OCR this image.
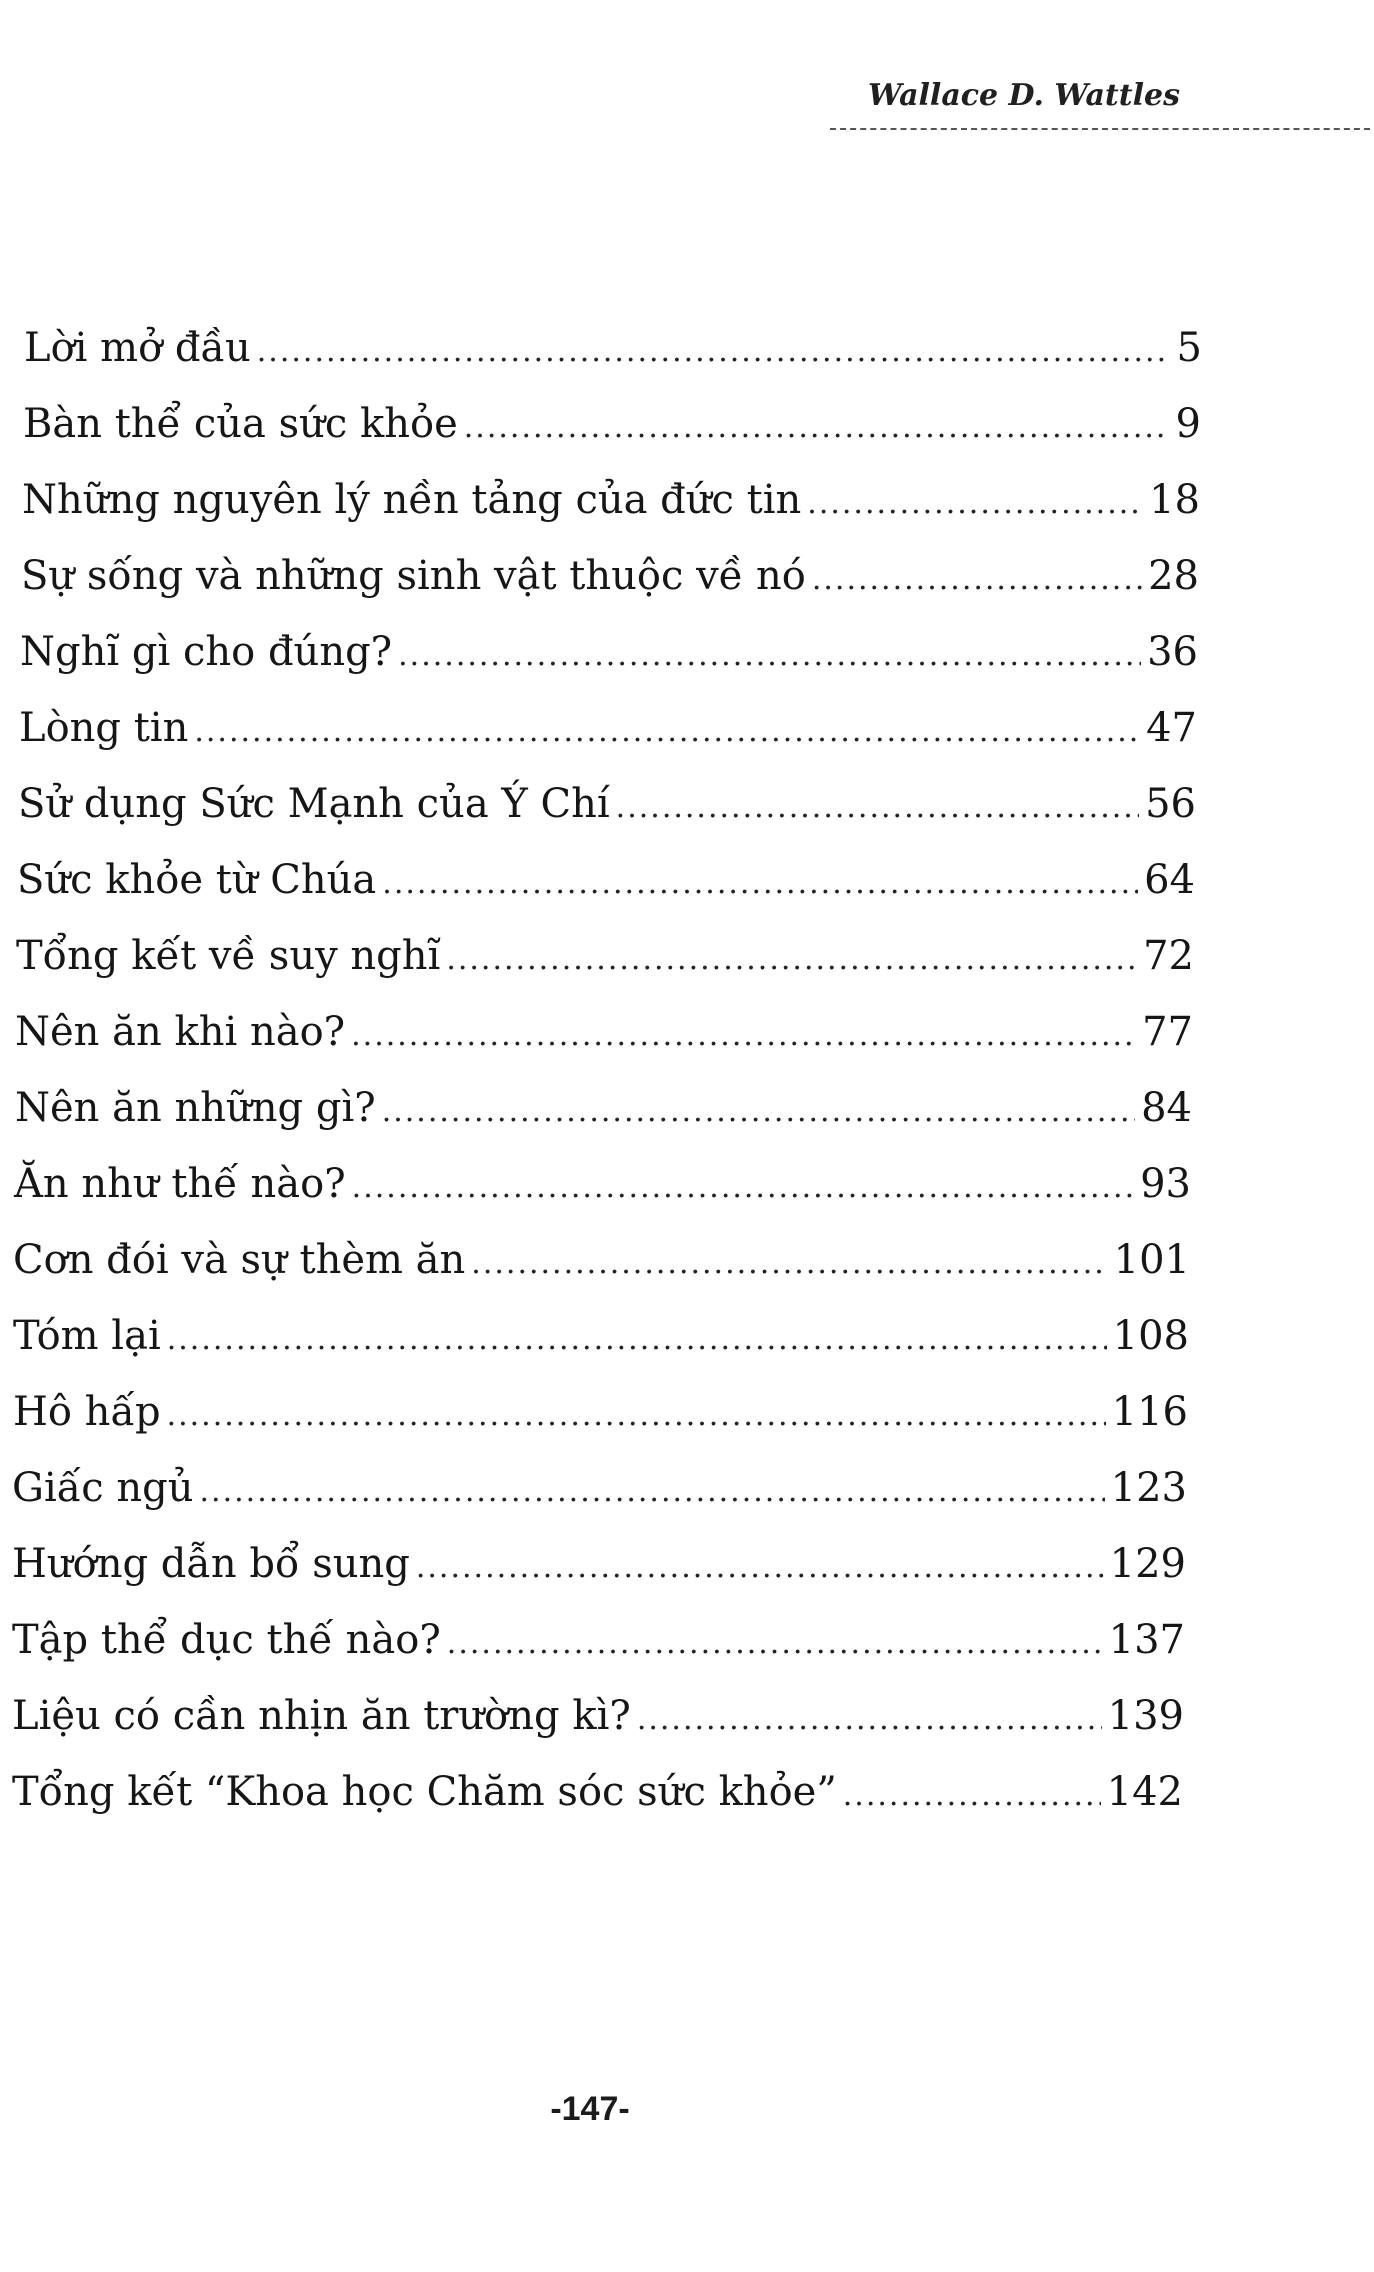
Wallace D. Wattles
Lời mở đầu .....	5
Bàn thể của sức khỏe .....	9
Những nguyên lý nền tảng của đức tin .....	18
Sự sống và những sinh vật thuộc về nó .....	28
Nghĩ gì cho đúng? .....	36
Lòng tin .....	47
Sử dụng Sức Mạnh của Ý Chí .....	56
Sức khỏe từ Chúa .....	64
Tổng kết về suy nghĩ .....	72
Nên ăn khi nào? .....	77
Nên ăn những gì? .....	84
Ăn như thế nào? .....	93
Cơn đói và sự thèm ăn .....	101
Tóm lại .....	108
Hô hấp .....	116
Giấc ngủ .....	123
Hướng dẫn bổ sung .....	129
Tập thể dục thế nào? .....	137
Liệu có cần nhịn ăn trường kì? .....	139
Tổng kết “Khoa học Chăm sóc sức khỏe” .....	142
-147-
